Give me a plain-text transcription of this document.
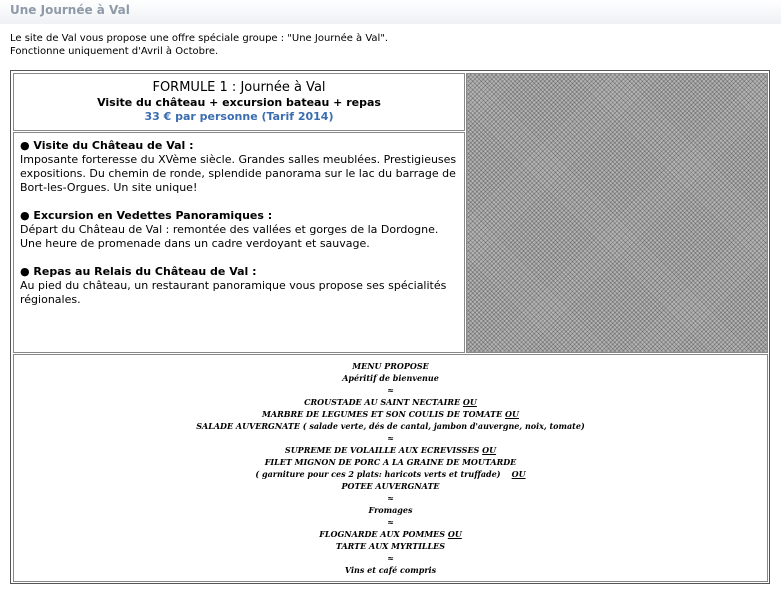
Une Journée à Val
Le site de Val vous propose une offre spéciale groupe : "Une Journée à Val".
Fonctionne uniquement d'Avril à Octobre.
FORMULE 1 : Journée à Val
Visite du château + excursion bateau + repas
33 € par personne (Tarif 2014)
● Visite du Château de Val :
Imposante forteresse du XVème siècle. Grandes salles meublées. Prestigieuses expositions. Du chemin de ronde, splendide panorama sur le lac du barrage de Bort-les-Orgues. Un site unique!
● Excursion en Vedettes Panoramiques :
Départ du Château de Val : remontée des vallées et gorges de la Dordogne. Une heure de promenade dans un cadre verdoyant et sauvage.
● Repas au Relais du Château de Val :
Au pied du château, un restaurant panoramique vous propose ses spécialités régionales.
MENU PROPOSE
Apéritif de bienvenue
≈
CROUSTADE AU SAINT NECTAIRE OU
MARBRE DE LEGUMES ET SON COULIS DE TOMATE OU
SALADE AUVERGNATE ( salade verte, dés de cantal, jambon d'auvergne, noix, tomate)
≈
SUPREME DE VOLAILLE AUX ECREVISSES OU
FILET MIGNON DE PORC A LA GRAINE DE MOUTARDE
( garniture pour ces 2 plats: haricots verts et truffade) OU
POTEE AUVERGNATE
≈
Fromages
≈
FLOGNARDE AUX POMMES OU
TARTE AUX MYRTILLES
≈
Vins et café compris
